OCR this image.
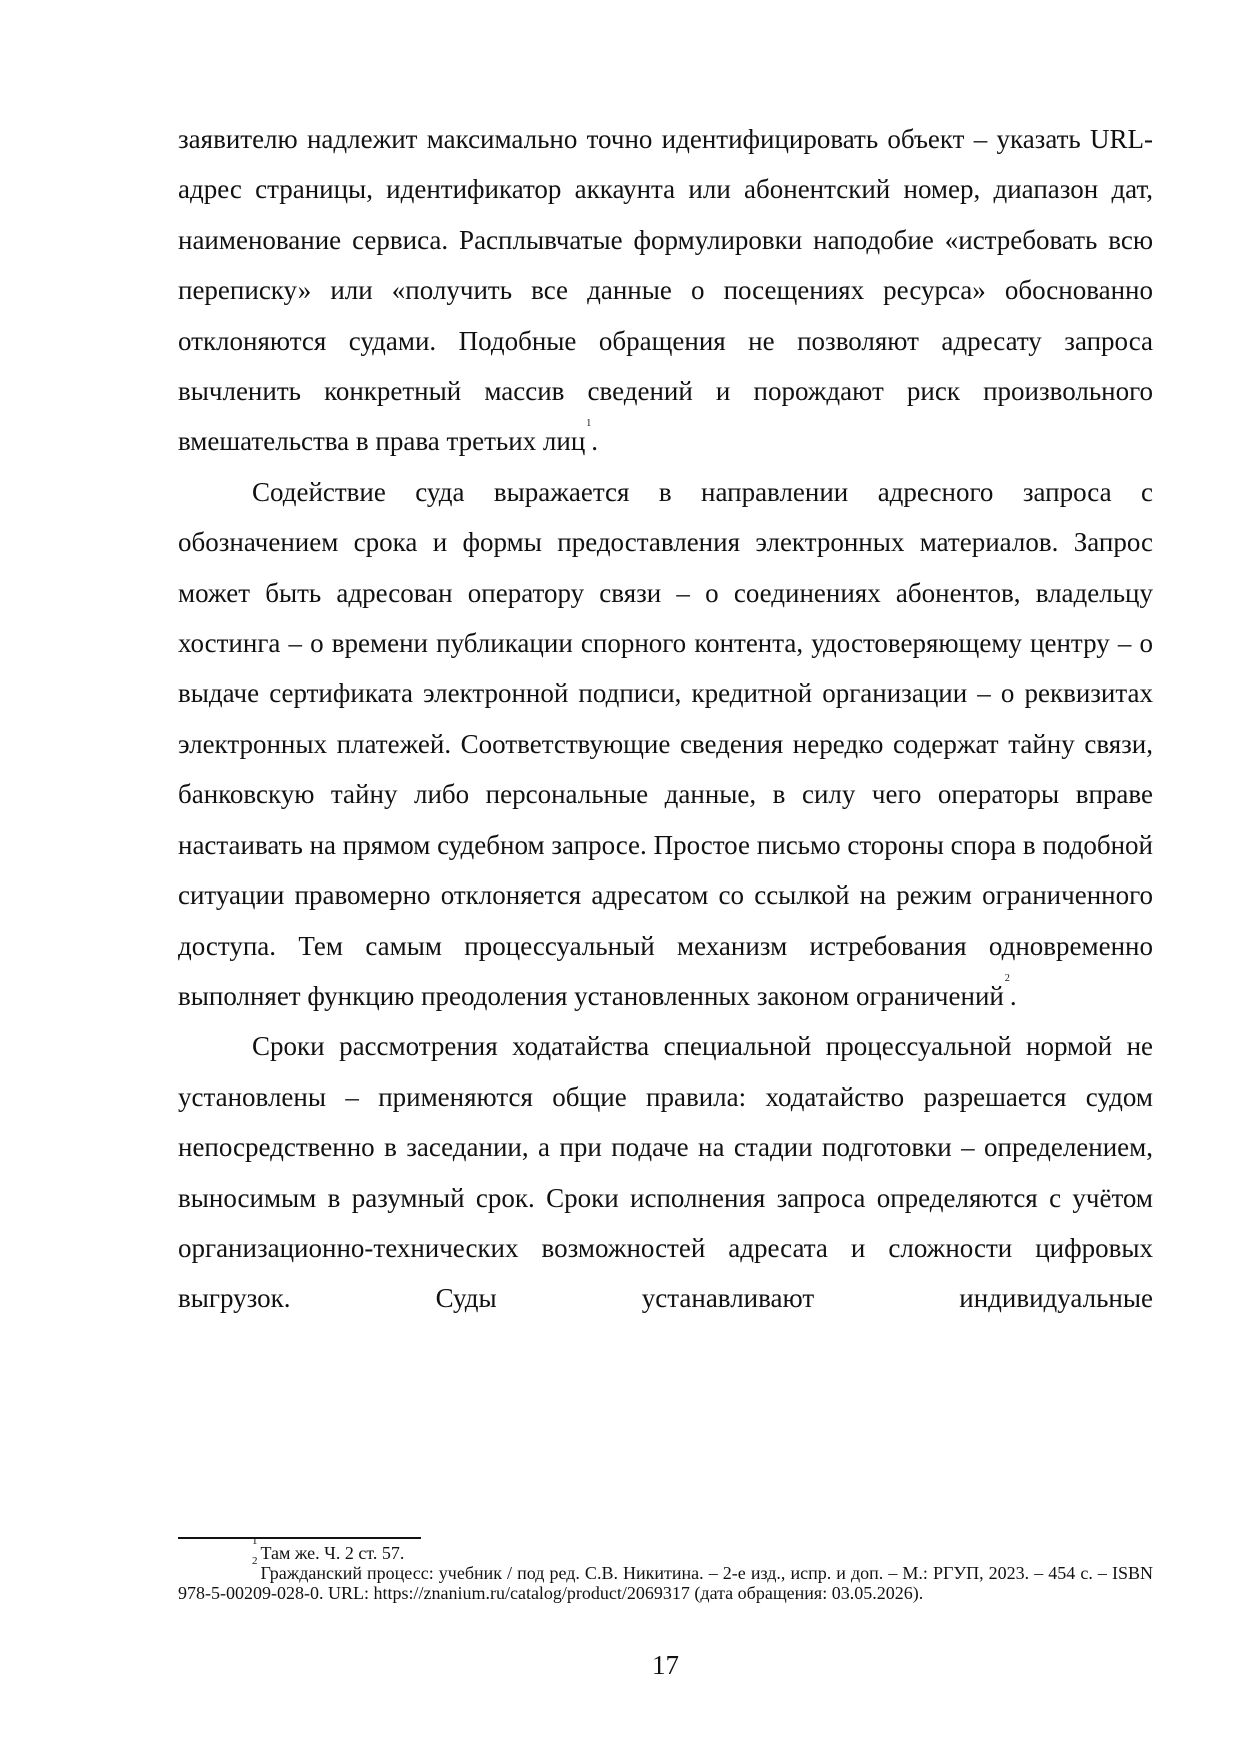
заявителю надлежит максимально точно идентифицировать объект – указать URL-адрес страницы, идентификатор аккаунта или абонентский номер, диапазон дат, наименование сервиса. Расплывчатые формулировки наподобие «истребовать всю переписку» или «получить все данные о посещениях ресурса» обоснованно отклоняются судами. Подобные обращения не позволяют адресату запроса вычленить конкретный массив сведений и порождают риск произвольного вмешательства в права третьих лиц$^1$.

Содействие суда выражается в направлении адресного запроса с обозначением срока и формы предоставления электронных материалов. Запрос может быть адресован оператору связи – о соединениях абонентов, владельцу хостинга – о времени публикации спорного контента, удостоверяющему центру – о выдаче сертификата электронной подписи, кредитной организации – о реквизитах электронных платежей. Соответствующие сведения нередко содержат тайну связи, банковскую тайну либо персональные данные, в силу чего операторы вправе настаивать на прямом судебном запросе. Простое письмо стороны спора в подобной ситуации правомерно отклоняется адресатом со ссылкой на режим ограниченного доступа. Тем самым процессуальный механизм истребования одновременно выполняет функцию преодоления установленных законом ограничений$^2$.

Сроки рассмотрения ходатайства специальной процессуальной нормой не установлены – применяются общие правила: ходатайство разрешается судом непосредственно в заседании, а при подаче на стадии подготовки – определением, выносимым в разумный срок. Сроки исполнения запроса определяются с учётом организационно-технических возможностей адресата и сложности цифровых выгрузок. Суды устанавливают индивидуальные

$^1$Там же. Ч. 2 ст. 57.

$^2$Гражданский процесс: учебник / под ред. С.В. Никитина. – 2-е изд., испр. и доп. – М.: РГУП, 2023. – 454 с. – ISBN 978-5-00209-028-0. URL: https://znanium.ru/catalog/product/2069317 (дата обращения: 03.05.2026).

17
